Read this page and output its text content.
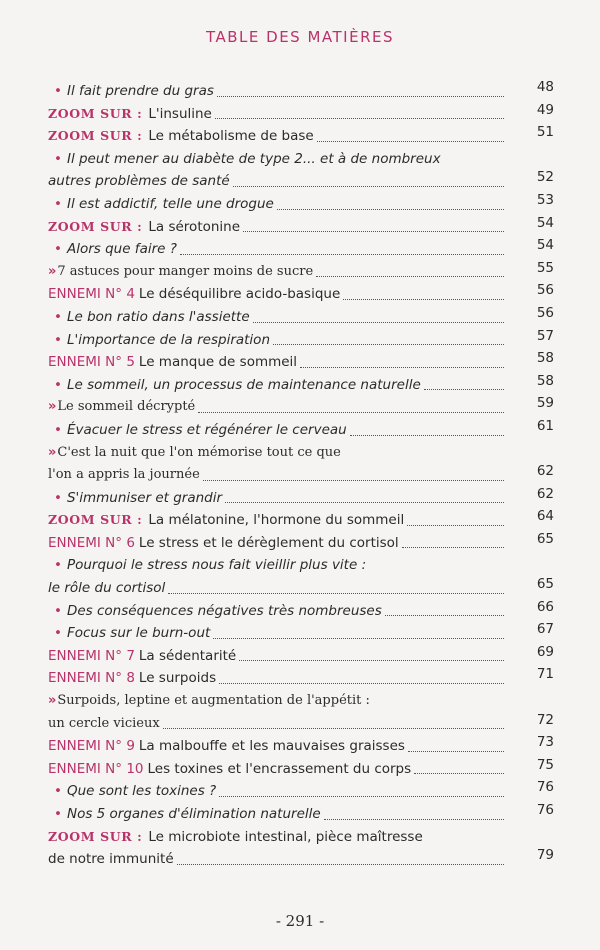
TABLE DES MATIÈRES
• Il fait prendre du gras	48
ZOOM SUR : L'insuline	49
ZOOM SUR : Le métabolisme de base	51
• Il peut mener au diabète de type 2... et à de nombreux
autres problèmes de santé	52
• Il est addictif, telle une drogue	53
ZOOM SUR : La sérotonine	54
• Alors que faire ?	54
» 7 astuces pour manger moins de sucre	55
ENNEMI N° 4 Le déséquilibre acido-basique	56
• Le bon ratio dans l'assiette	56
• L'importance de la respiration	57
ENNEMI N° 5 Le manque de sommeil	58
• Le sommeil, un processus de maintenance naturelle	58
» Le sommeil décrypté	59
• Évacuer le stress et régénérer le cerveau	61
» C'est la nuit que l'on mémorise tout ce que
l'on a appris la journée	62
• S'immuniser et grandir	62
ZOOM SUR : La mélatonine, l'hormone du sommeil	64
ENNEMI N° 6 Le stress et le dérèglement du cortisol	65
• Pourquoi le stress nous fait vieillir plus vite :
le rôle du cortisol	65
• Des conséquences négatives très nombreuses	66
• Focus sur le burn-out	67
ENNEMI N° 7 La sédentarité	69
ENNEMI N° 8 Le surpoids	71
» Surpoids, leptine et augmentation de l'appétit :
un cercle vicieux	72
ENNEMI N° 9 La malbouffe et les mauvaises graisses	73
ENNEMI N° 10 Les toxines et l'encrassement du corps	75
• Que sont les toxines ?	76
• Nos 5 organes d'élimination naturelle	76
ZOOM SUR : Le microbiote intestinal, pièce maîtresse
de notre immunité	79
- 291 -
